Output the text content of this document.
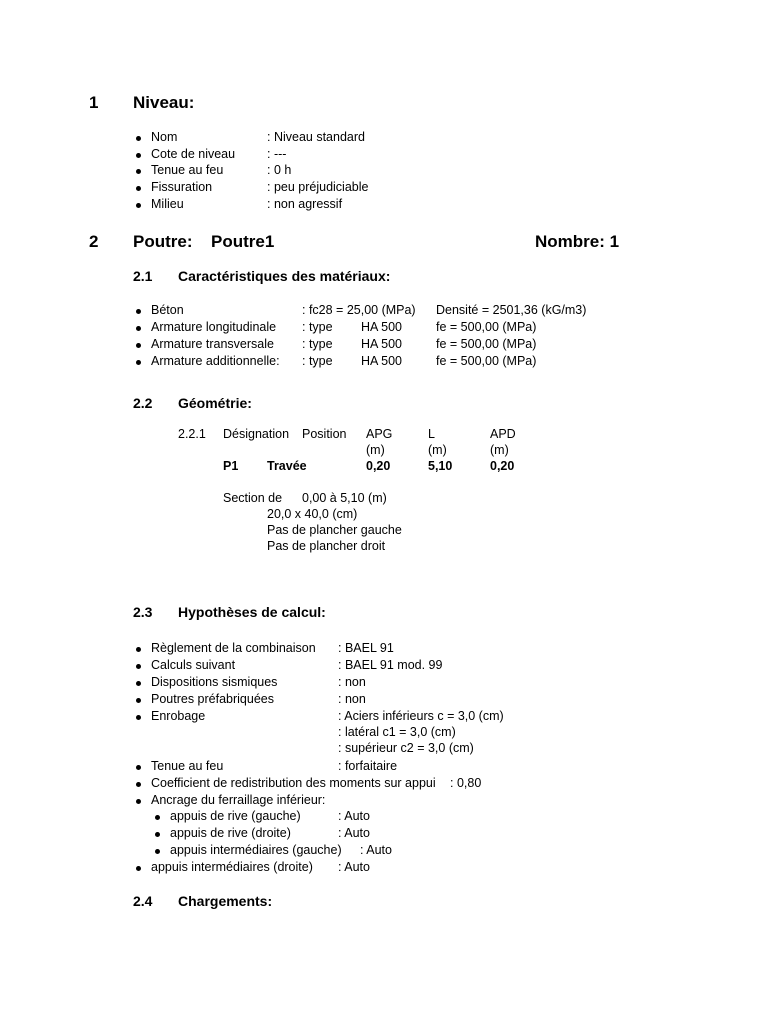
1 Niveau:
Nom	: Niveau standard
Cote de niveau	: ---
Tenue au feu	: 0 h
Fissuration	: peu préjudiciable
Milieu	: non agressif
2 Poutre: Poutre1	Nombre: 1
2.1 Caractéristiques des matériaux:
Béton	: fc28 = 25,00 (MPa) Densité = 2501,36 (kG/m3)
Armature longitudinale : type HA 500	fe = 500,00 (MPa)
Armature transversale : type HA 500	fe = 500,00 (MPa)
Armature additionnelle: : type HA 500	fe = 500,00 (MPa)
2.2 Géométrie:
2.2.1 Désignation Position APG	L	APD
(m)	(m)	(m)
P1 Travée	0,20	5,10	0,20
Section de 0,00 à 5,10 (m)
20,0 x 40,0 (cm)
Pas de plancher gauche
Pas de plancher droit
2.3 Hypothèses de calcul:
Règlement de la combinaison : BAEL 91
Calculs suivant	: BAEL 91 mod. 99
Dispositions sismiques	: non
Poutres préfabriquées	: non
Enrobage	: Aciers inférieurs c = 3,0 (cm)
: latéral c1 = 3,0 (cm)
: supérieur c2 = 3,0 (cm)
Tenue au feu	: forfaitaire
Coefficient de redistribution des moments sur appui : 0,80
Ancrage du ferraillage inférieur:
appuis de rive (gauche)	: Auto
appuis de rive (droite)	: Auto
appuis intermédiaires (gauche) : Auto
appuis intermédiaires (droite) : Auto
2.4 Chargements:
